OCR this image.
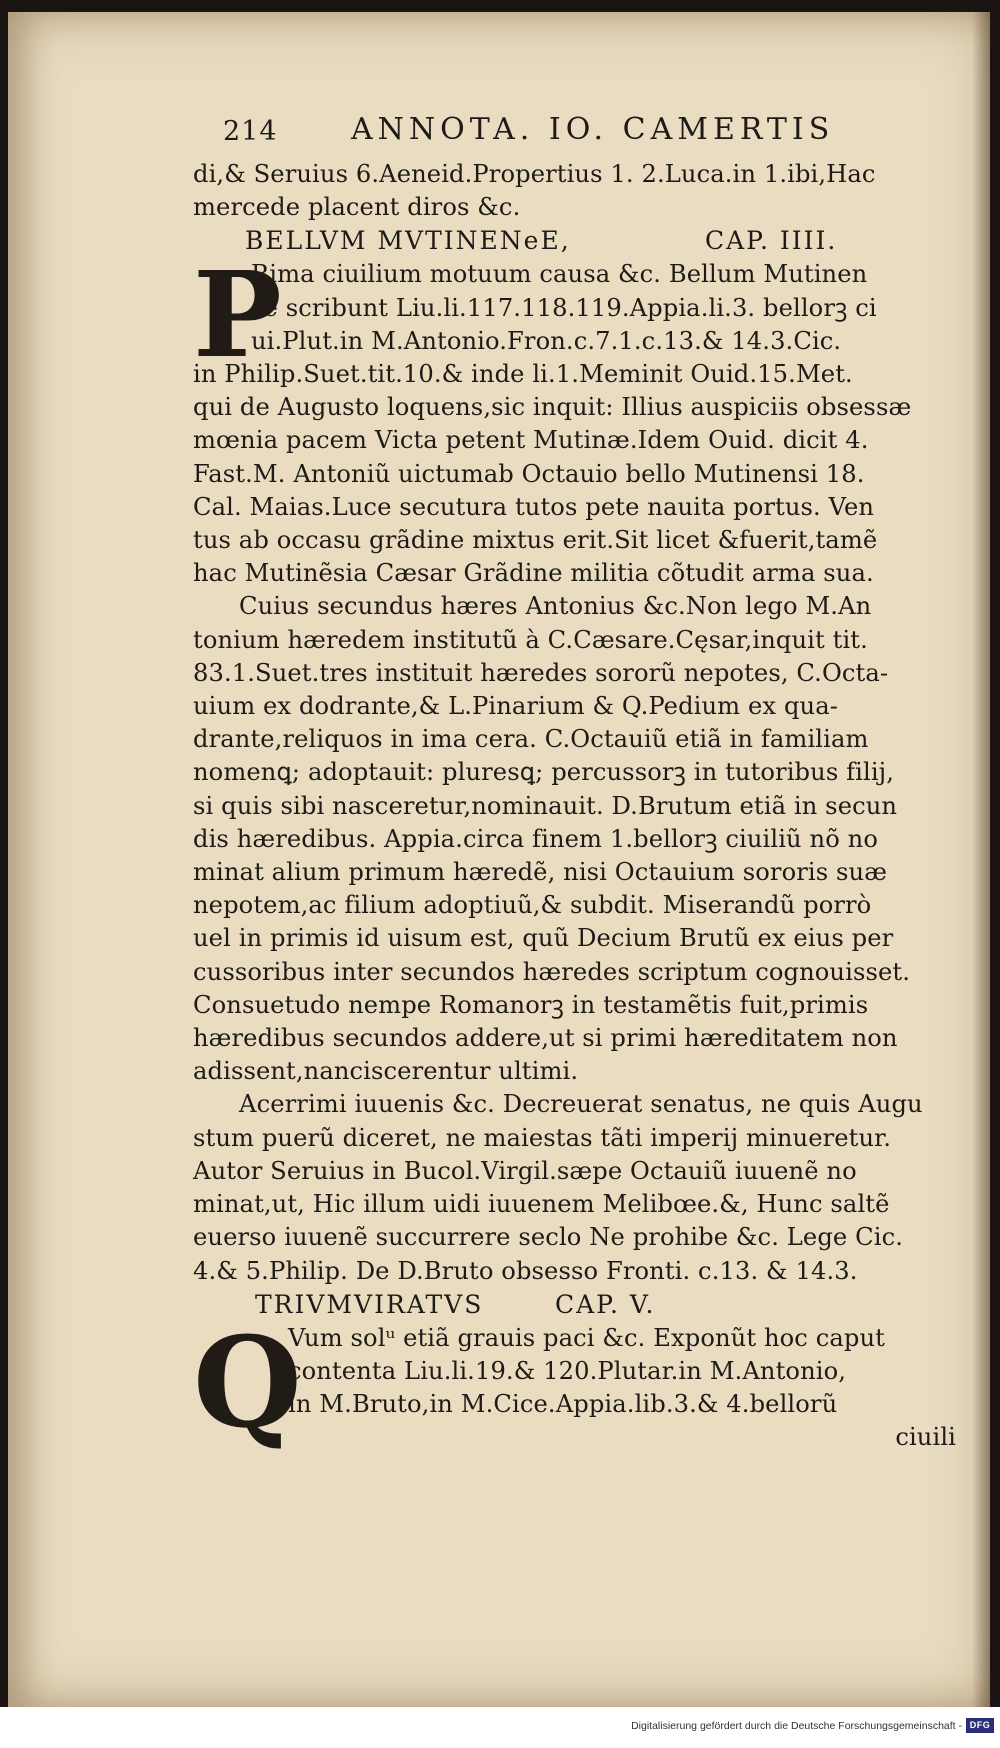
214 ANNOTA. IO. CAMERTIS
di,& Seruius 6.Aeneid.Propertius 1. 2.Luca.in 1.ibi,Hac
mercede placent diros &c.
BELLVM MVTINENeE,	CAP. IIII.
P
Rima ciuilium motuum causa &c. Bellum Mutinen
se scribunt Liu.li.117.118.119.Appia.li.3. bellorꝫ ci
ui.Plut.in M.Antonio.Fron.c.7.1.c.13.& 14.3.Cic.
in Philip.Suet.tit.10.& inde li.1.Meminit Ouid.15.Met.
qui de Augusto loquens,sic inquit: Illius auspiciis obsessæ
mœnia pacem Victa petent Mutinæ.Idem Ouid. dicit 4.
Fast.M. Antoniũ uictumab Octauio bello Mutinensi 18.
Cal. Maias.Luce secutura tutos pete nauita portus. Ven
tus ab occasu grãdine mixtus erit.Sit licet &fuerit,tamẽ
hac Mutinẽsia Cæsar Grãdine militia cõtudit arma sua.
Cuius secundus hæres Antonius &c.Non lego M.An
tonium hæredem institutũ à C.Cæsare.Cęsar,inquit tit.
83.1.Suet.tres instituit hæredes sororũ nepotes, C.Octa-
uium ex dodrante,& L.Pinarium & Q.Pedium ex qua-
drante,reliquos in ima cera. C.Octauiũ etiã in familiam
nomenꝗ; adoptauit: pluresꝗ; percussorꝫ in tutoribus filij,
si quis sibi nasceretur,nominauit. D.Brutum etiã in secun
dis hæredibus. Appia.circa finem 1.bellorꝫ ciuiliũ nõ no
minat alium primum hæredẽ, nisi Octauium sororis suæ
nepotem,ac filium adoptiuũ,& subdit. Miserandũ porrò
uel in primis id uisum est, quũ Decium Brutũ ex eius per
cussoribus inter secundos hæredes scriptum cognouisset.
Consuetudo nempe Romanorꝫ in testamẽtis fuit,primis
hæredibus secundos addere,ut si primi hæreditatem non
adissent,nanciscerentur ultimi.
Acerrimi iuuenis &c. Decreuerat senatus, ne quis Augu
stum puerũ diceret, ne maiestas tãti imperij minueretur.
Autor Seruius in Bucol.Virgil.sæpe Octauiũ iuuenẽ no
minat,ut, Hic illum uidi iuuenem Melibœe.&, Hunc saltẽ
euerso iuuenẽ succurrere seclo Ne prohibe &c. Lege Cic.
4.& 5.Philip. De D.Bruto obsesso Fronti. c.13. & 14.3.
TRIVMVIRATVS	CAP. V.
Q
Vum solᵘ etiã grauis paci &c. Exponũt hoc caput
contenta Liu.li.19.& 120.Plutar.in M.Antonio,
in M.Bruto,in M.Cice.Appia.lib.3.& 4.bellorũ
ciuili
Digitalisierung gefördert durch die Deutsche Forschungsgemeinschaft - DFG
